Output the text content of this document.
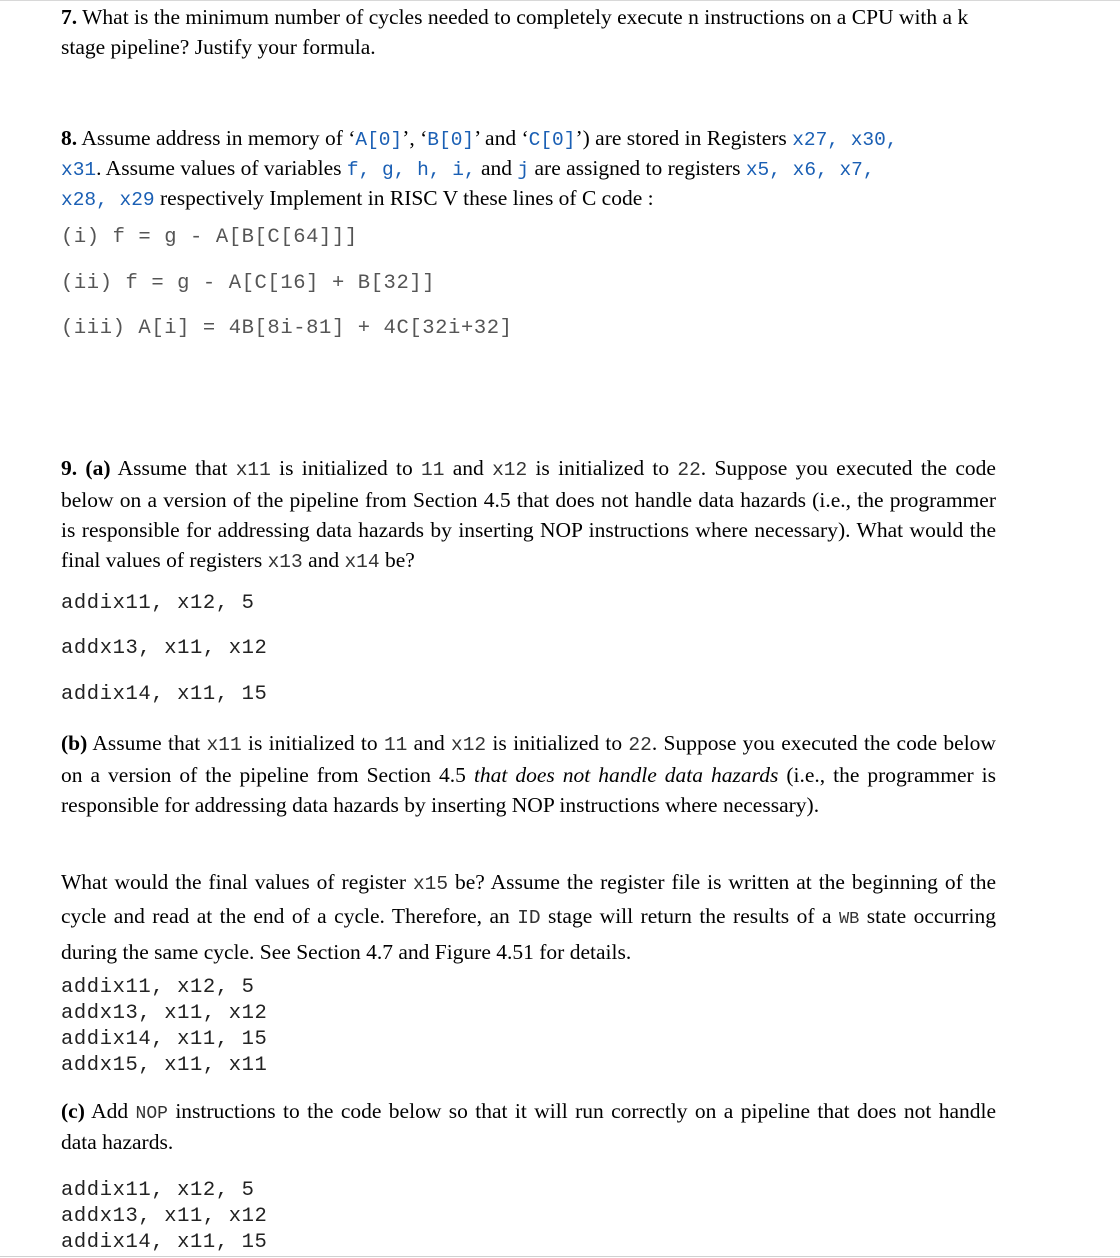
7. What is the minimum number of cycles needed to completely execute n instructions on a CPU with a k stage pipeline? Justify your formula.

8. Assume address in memory of ‘A[0]’, ‘B[0]’ and ‘C[0]’) are stored in Registers x27, x30,
x31. Assume values of variables f, g, h, i, and j are assigned to registers x5, x6, x7,
x28, x29 respectively Implement in RISC V these lines of C code :

(i) f = g - A[B[C[64]]]
(ii) f = g - A[C[16] + B[32]]
(iii) A[i] = 4B[8i-81] + 4C[32i+32]

9. (a) Assume that x11 is initialized to 11 and x12 is initialized to 22. Suppose you executed the code below on a version of the pipeline from Section 4.5 that does not handle data hazards (i.e., the programmer is responsible for addressing data hazards by inserting NOP instructions where necessary). What would the final values of registers x13 and x14 be?

addix11, x12, 5
addx13, x11, x12
addix14, x11, 15

(b) Assume that x11 is initialized to 11 and x12 is initialized to 22. Suppose you executed the code below on a version of the pipeline from Section 4.5 that does not handle data hazards (i.e., the programmer is responsible for addressing data hazards by inserting NOP instructions where necessary).

What would the final values of register x15 be? Assume the register file is written at the beginning of the cycle and read at the end of a cycle. Therefore, an ID stage will return the results of a WB state occurring during the same cycle. See Section 4.7 and Figure 4.51 for details.

addix11, x12, 5
addx13, x11, x12
addix14, x11, 15
addx15, x11, x11

(c) Add NOP instructions to the code below so that it will run correctly on a pipeline that does not handle data hazards.

addix11, x12, 5
addx13, x11, x12
addix14, x11, 15
